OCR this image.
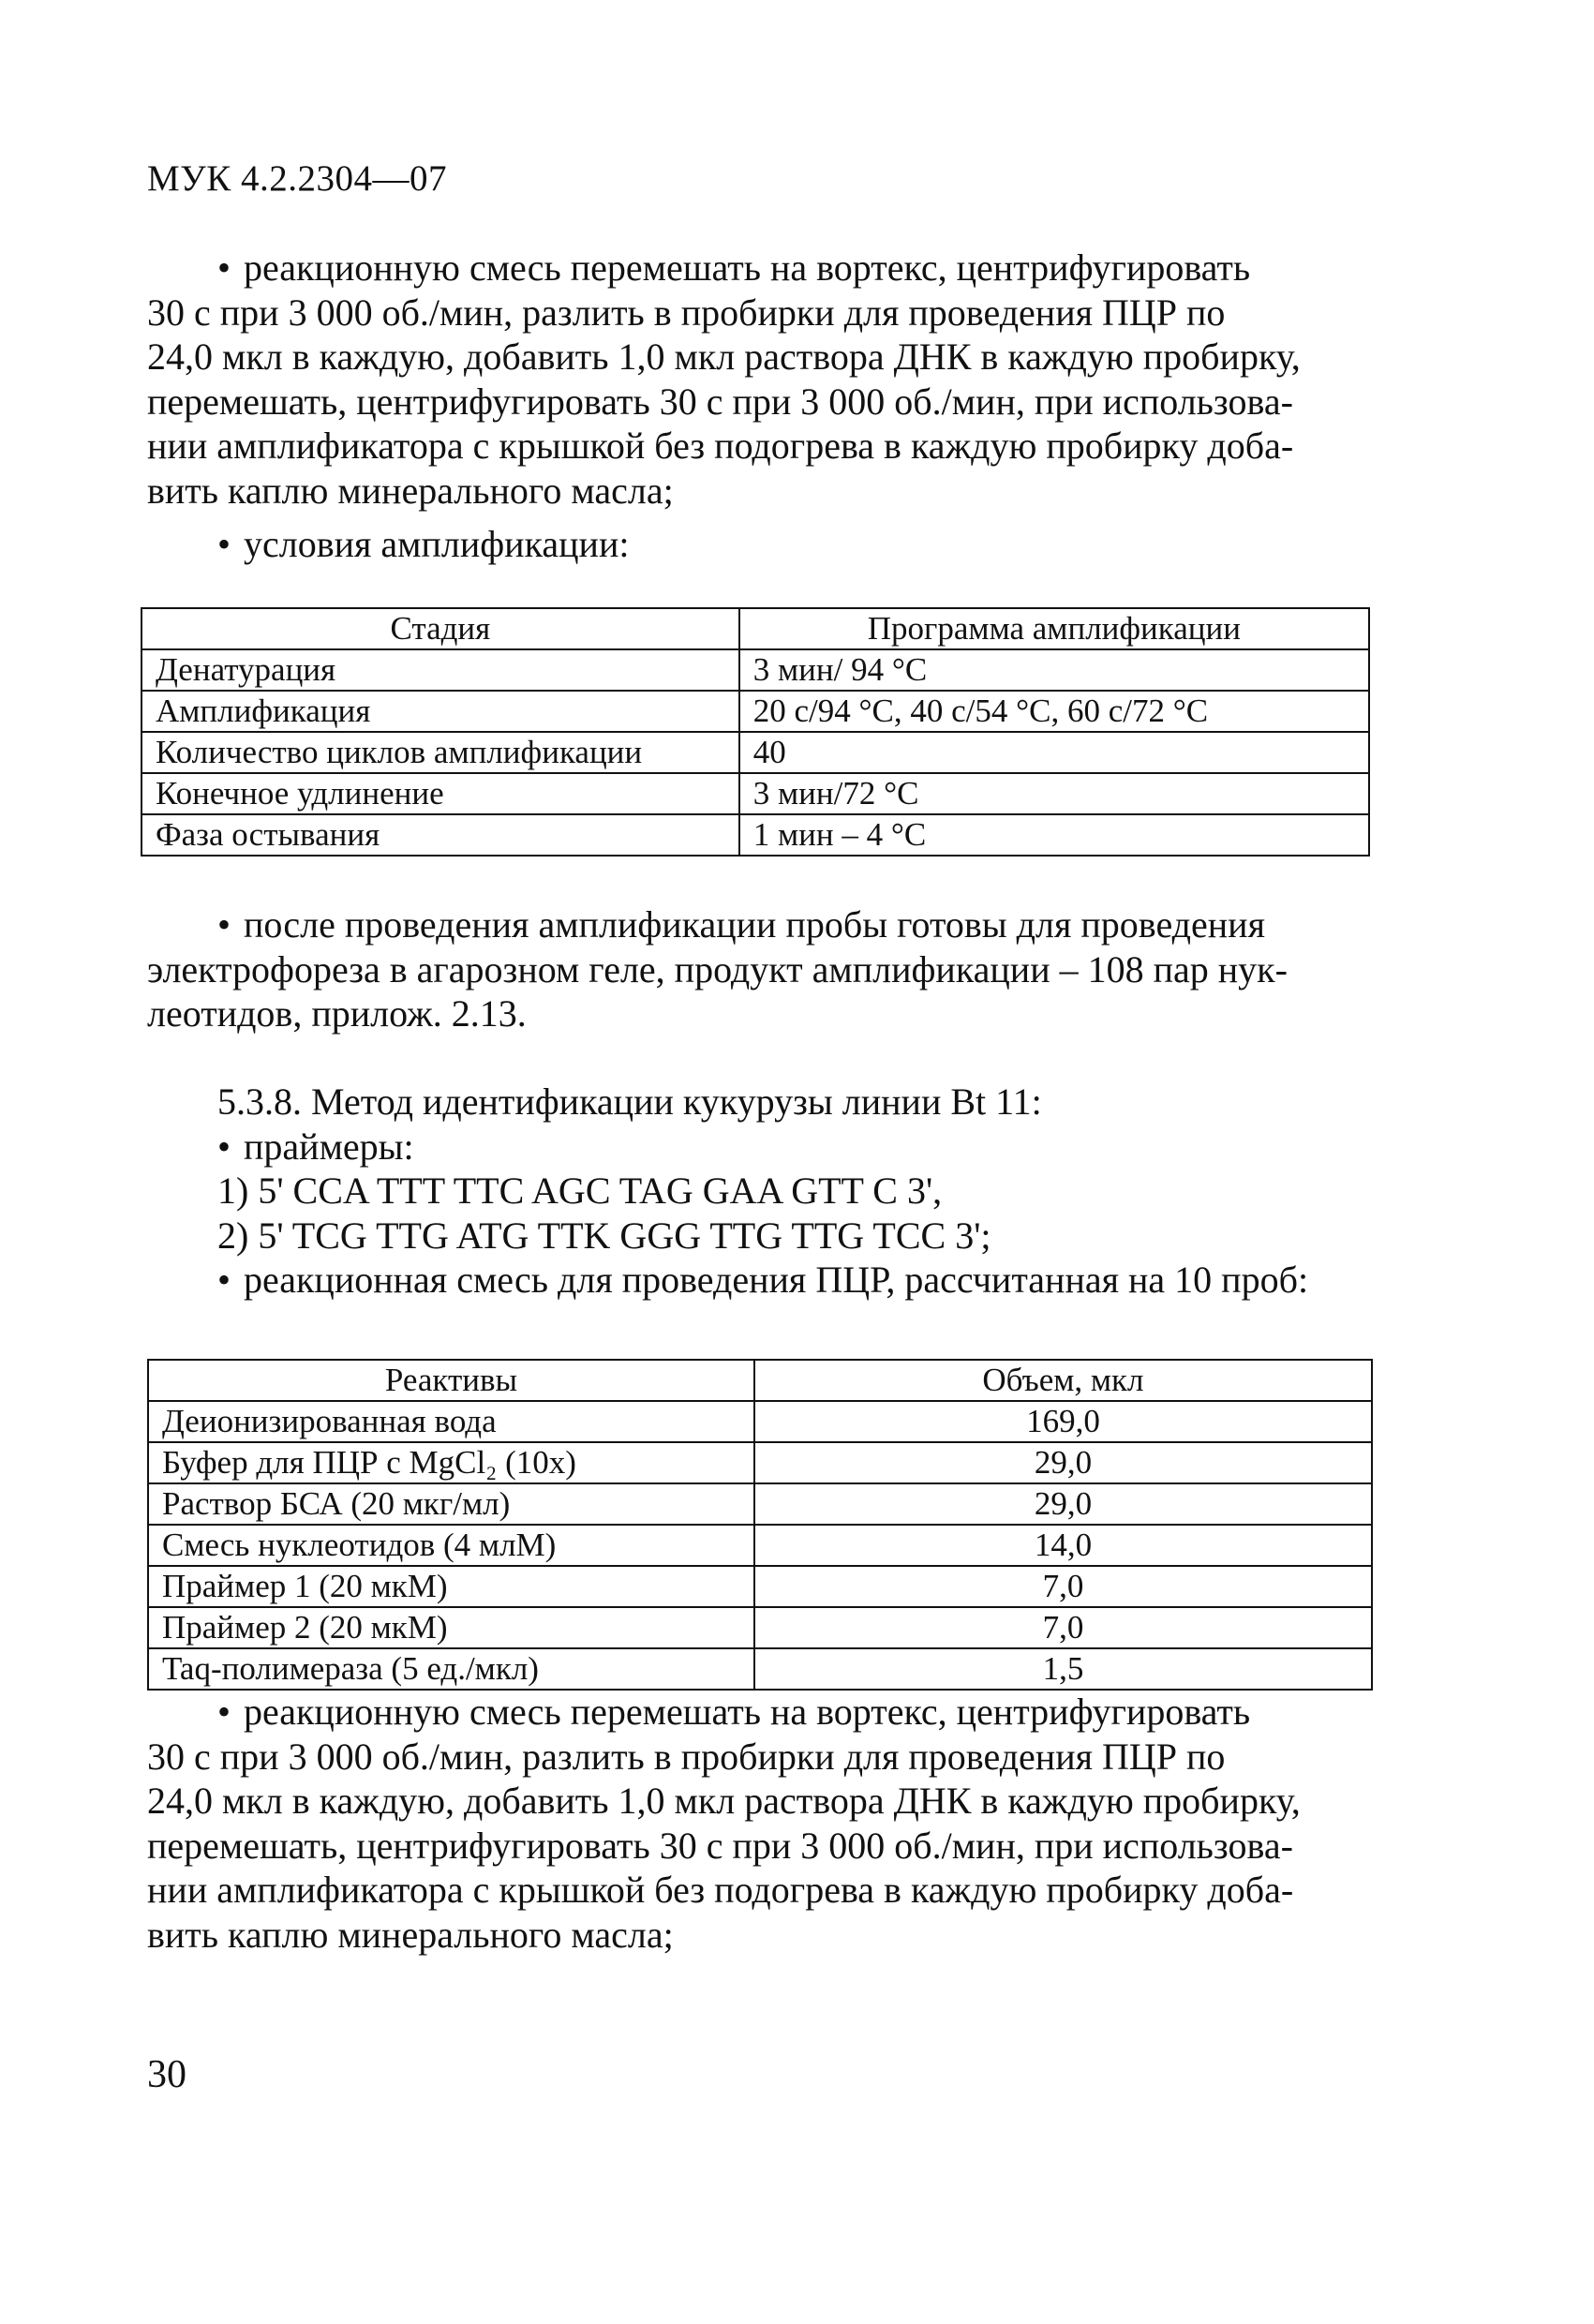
МУК 4.2.2304—07
• реакционную смесь перемешать на вортекс, центрифугировать
30 с при 3 000 об./мин, разлить в пробирки для проведения ПЦР по
24,0 мкл в каждую, добавить 1,0 мкл раствора ДНК в каждую пробирку,
перемешать, центрифугировать 30 с при 3 000 об./мин, при использова-
нии амплификатора с крышкой без подогрева в каждую пробирку доба-
вить каплю минерального масла;
• условия амплификации:
Стадия	Программа амплификации
Денатурация	3 мин/ 94 °С
Амплификация	20 с/94 °С, 40 с/54 °С, 60 с/72 °С
Количество циклов амплификации	40
Конечное удлинение	3 мин/72 °С
Фаза остывания	1 мин – 4 °С
• после проведения амплификации пробы готовы для проведения
электрофореза в агарозном геле, продукт амплификации – 108 пар нук-
леотидов, прилож. 2.13.
5.3.8. Метод идентификации кукурузы линии Bt 11:
• праймеры:
1) 5' CCA TTT TTC AGC TAG GAA GTT C 3',
2) 5' TCG TTG ATG TTK GGG TTG TTG TCC 3';
• реакционная смесь для проведения ПЦР, рассчитанная на 10 проб:
Реактивы	Объем, мкл
Деионизированная вода	169,0
Буфер для ПЦР с MgCl₂ (10х)	29,0
Раствор БСА (20 мкг/мл)	29,0
Смесь нуклеотидов (4 млМ)	14,0
Праймер 1 (20 мкМ)	7,0
Праймер 2 (20 мкМ)	7,0
Taq-полимераза (5 ед./мкл)	1,5
• реакционную смесь перемешать на вортекс, центрифугировать
30 с при 3 000 об./мин, разлить в пробирки для проведения ПЦР по
24,0 мкл в каждую, добавить 1,0 мкл раствора ДНК в каждую пробирку,
перемешать, центрифугировать 30 с при 3 000 об./мин, при использова-
нии амплификатора с крышкой без подогрева в каждую пробирку доба-
вить каплю минерального масла;
30
